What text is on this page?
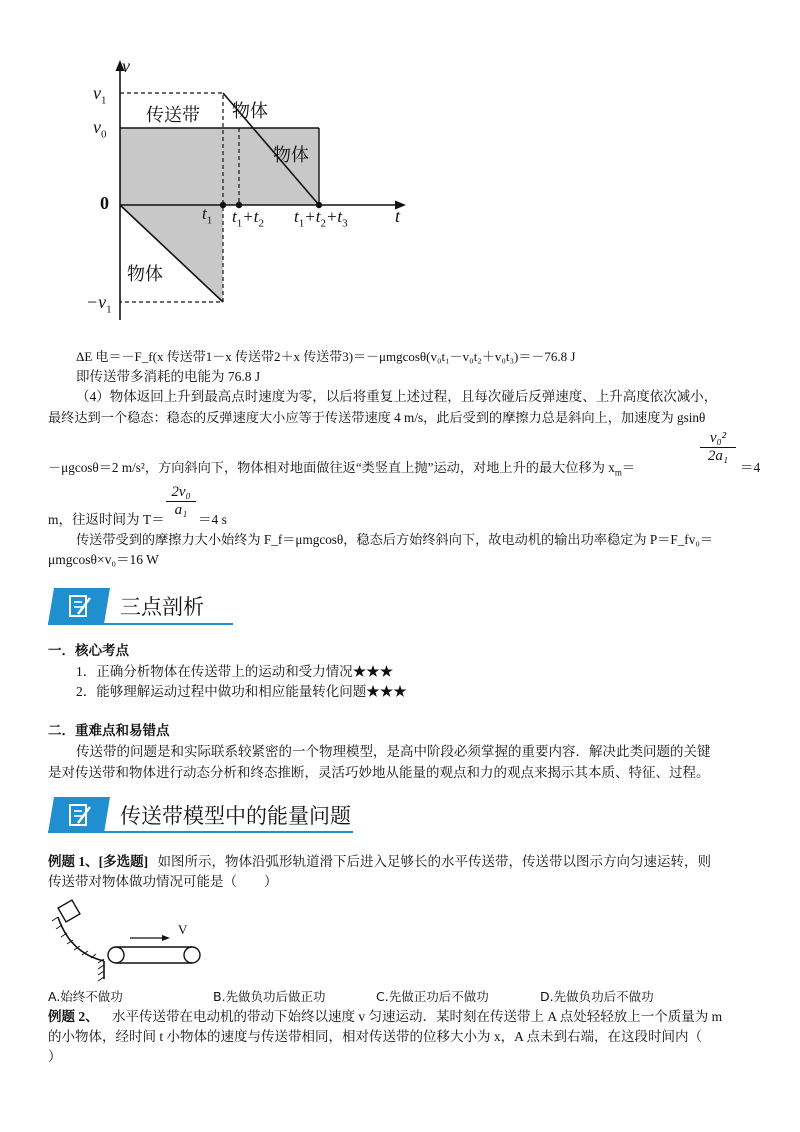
v
t
$v_1$
$v_0$
0
$-v_1$
$t_1$ $t_1+t_2$ $t_1+t_2+t_3$
传送带 物体
物体
物体
ΔE 电＝－F_f(x 传送带1－x 传送带2＋x 传送带3)＝－μmgcosθ(v₀t₁－v₀t₂＋v₀t₃)＝－76.8 J
即传送带多消耗的电能为 76.8 J
（4）物体返回上升到最高点时速度为零，以后将重复上述过程，且每次碰后反弹速度、上升高度依次减小，
最终达到一个稳态：稳态的反弹速度大小应等于传送带速度 4 m/s，此后受到的摩擦力总是斜向上，加速度为 gsinθ
－μgcosθ＝2 m/s²，方向斜向下，物体相对地面做往返“类竖直上抛”运动，对地上升的最大位移为 $x_m=$
$\frac{\text{v₀²}}{\text{2a₁}}$
＝4
m，往返时间为 T＝
$\frac{\text{2v₀}}{\text{a₁}}$
＝4 s
传送带受到的摩擦力大小始终为 F_f＝μmgcosθ，稳态后方始终斜向下，故电动机的输出功率稳定为 P＝F_fv₀＝
μmgcosθ×v₀＝16 W
三点剖析
一．核心考点
1．正确分析物体在传送带上的运动和受力情况★★★
2．能够理解运动过程中做功和相应能量转化问题★★★
二．重难点和易错点
传送带的问题是和实际联系较紧密的一个物理模型，是高中阶段必须掌握的重要内容．解决此类问题的关键
是对传送带和物体进行动态分析和终态推断，灵活巧妙地从能量的观点和力的观点来揭示其本质、特征、过程。
传送带模型中的能量问题
例题 1、[多选题] 如图所示，物体沿弧形轨道滑下后进入足够长的水平传送带，传送带以图示方向匀速运转，则
传送带对物体做功情况可能是（　　）
V
A.始终不做功	B.先做负功后做正功	C.先做正功后不做功	D.先做负功后不做功
例题 2、 水平传送带在电动机的带动下始终以速度 v 匀速运动．某时刻在传送带上 A 点处轻轻放上一个质量为 m
的小物体，经时间 t 小物体的速度与传送带相同，相对传送带的位移大小为 x，A 点未到右端，在这段时间内（
）
